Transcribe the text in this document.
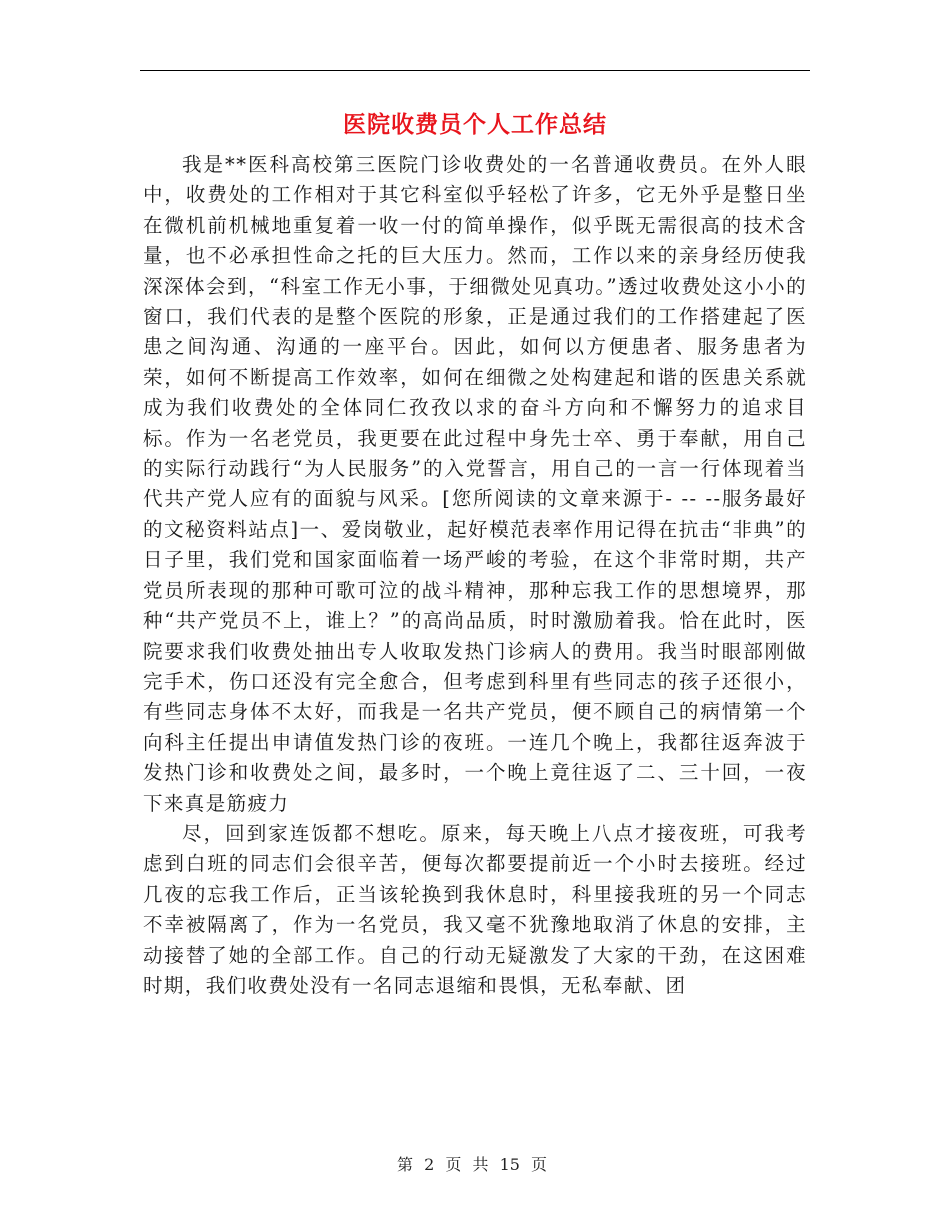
医院收费员个人工作总结

我是**医科高校第三医院门诊收费处的一名普通收费员。在外人眼中，收费处的工作相对于其它科室似乎轻松了许多，它无外乎是整日坐在微机前机械地重复着一收一付的简单操作，似乎既无需很高的技术含量，也不必承担性命之托的巨大压力。然而，工作以来的亲身经历使我深深体会到，“科室工作无小事，于细微处见真功。”透过收费处这小小的窗口，我们代表的是整个医院的形象，正是通过我们的工作搭建起了医患之间沟通、沟通的一座平台。因此，如何以方便患者、服务患者为荣，如何不断提高工作效率，如何在细微之处构建起和谐的医患关系就成为我们收费处的全体同仁孜孜以求的奋斗方向和不懈努力的追求目标。作为一名老党员，我更要在此过程中身先士卒、勇于奉献，用自己的实际行动践行“为人民服务”的入党誓言，用自己的一言一行体现着当代共产党人应有的面貌与风采。[您所阅读的文章来源于- -- --服务最好的文秘资料站点]一、爱岗敬业，起好模范表率作用记得在抗击“非典”的日子里，我们党和国家面临着一场严峻的考验，在这个非常时期，共产党员所表现的那种可歌可泣的战斗精神，那种忘我工作的思想境界，那种“共产党员不上，谁上？”的高尚品质，时时激励着我。恰在此时，医院要求我们收费处抽出专人收取发热门诊病人的费用。我当时眼部刚做完手术，伤口还没有完全愈合，但考虑到科里有些同志的孩子还很小，有些同志身体不太好，而我是一名共产党员，便不顾自己的病情第一个向科主任提出申请值发热门诊的夜班。一连几个晚上，我都往返奔波于发热门诊和收费处之间，最多时，一个晚上竟往返了二、三十回，一夜下来真是筋疲力

尽，回到家连饭都不想吃。原来，每天晚上八点才接夜班，可我考虑到白班的同志们会很辛苦，便每次都要提前近一个小时去接班。经过几夜的忘我工作后，正当该轮换到我休息时，科里接我班的另一个同志不幸被隔离了，作为一名党员，我又毫不犹豫地取消了休息的安排，主动接替了她的全部工作。自己的行动无疑激发了大家的干劲，在这困难时期，我们收费处没有一名同志退缩和畏惧，无私奉献、团

第 2 页 共 15 页
